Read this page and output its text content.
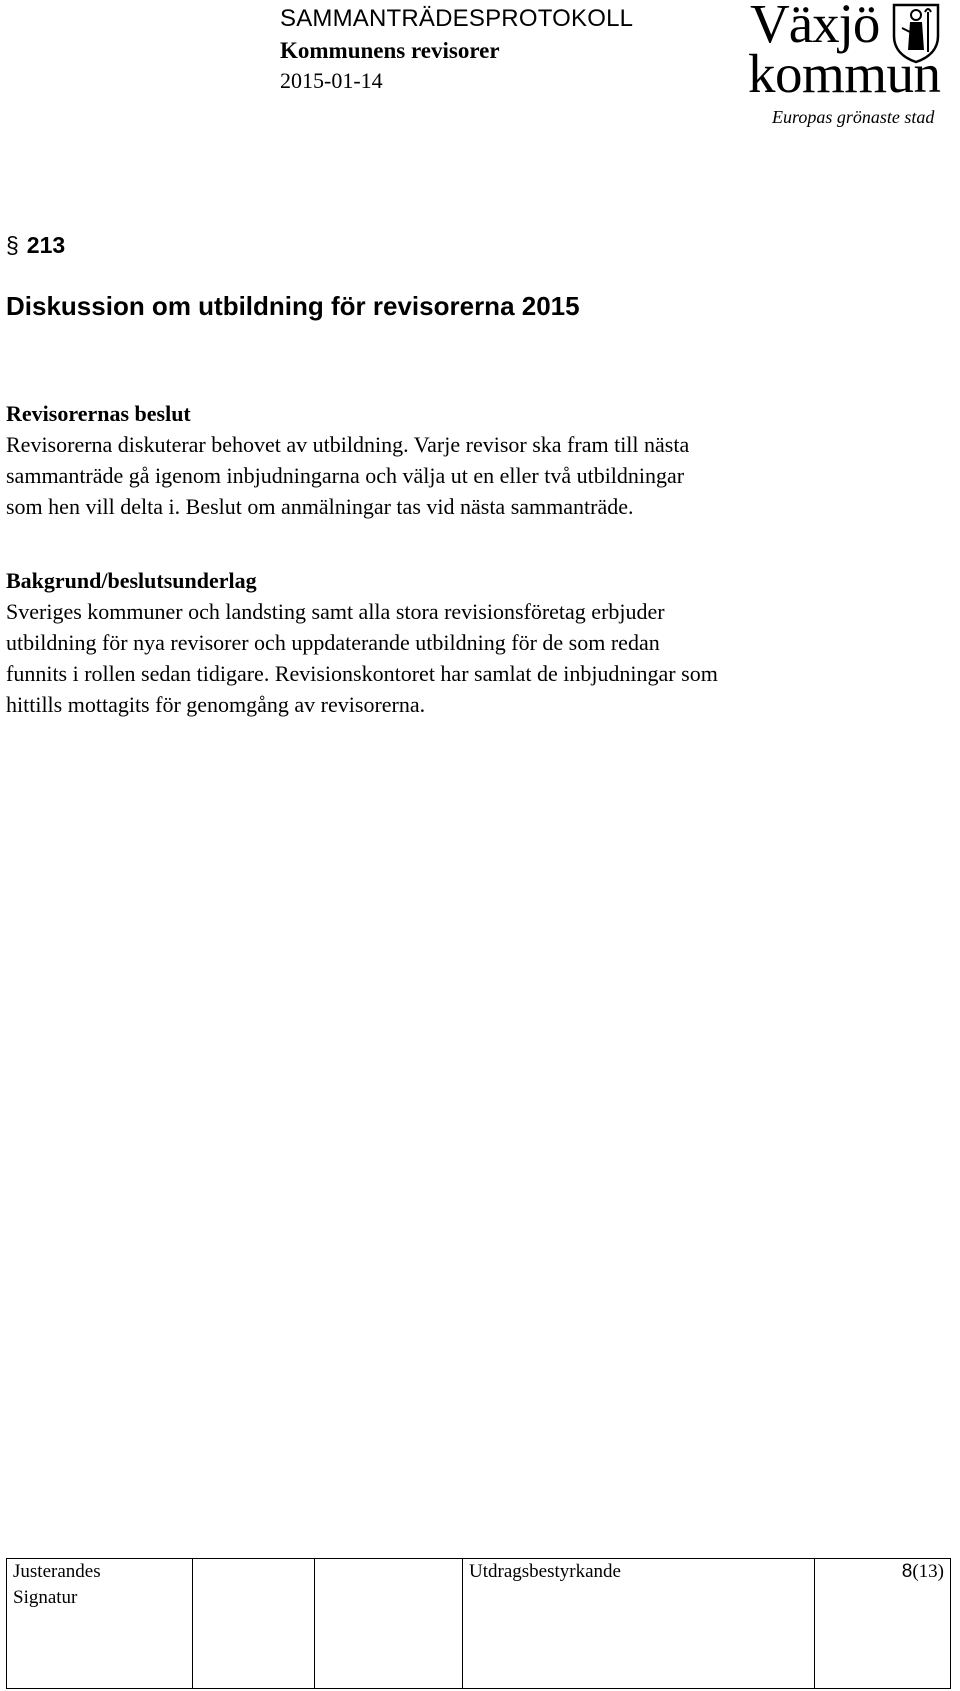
SAMMANTRÄDESPROTOKOLL
Kommunens revisorer
2015-01-14
Växjö
kommun
Europas grönaste stad
§ 213
Diskussion om utbildning för revisorerna 2015
Revisorernas beslut

Revisorerna diskuterar behovet av utbildning. Varje revisor ska fram till nästa

sammanträde gå igenom inbjudningarna och välja ut en eller två utbildningar

som hen vill delta i. Beslut om anmälningar tas vid nästa sammanträde.

Bakgrund/beslutsunderlag

Sveriges kommuner och landsting samt alla stora revisionsföretag erbjuder

utbildning för nya revisorer och uppdaterande utbildning för de som redan

funnits i rollen sedan tidigare. Revisionskontoret har samlat de inbjudningar som

hittills mottagits för genomgång av revisorerna.

Justerandes
Signatur

Utdragsbestyrkande	8(13)
